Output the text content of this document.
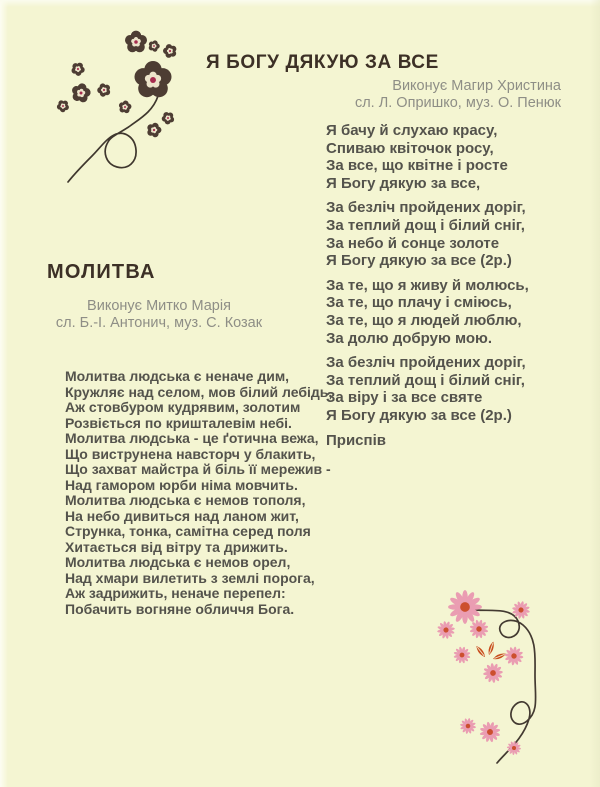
Я БОГУ ДЯКУЮ ЗА ВСЕ
Виконує Магир Христина
сл. Л. Опришко, муз. О. Пенюк
Я бачу й слухаю красу,
Спиваю квіточок росу,
За все, що квітне і росте
Я Богу дякую за все,
За безліч пройдених доріг,
За теплий дощ і білий сніг,
За небо й сонце золоте
Я Богу дякую за все (2р.)
За те, що я живу й молюсь,
За те, що плачу і сміюсь,
За те, що я людей люблю,
За долю добрую мою.
За безліч пройдених доріг,
За теплий дощ і білий сніг,
За віру і за все святе
Я Богу дякую за все (2р.)
Приспів
МОЛИТВА
Виконує Митко Марія
сл. Б.-І. Антонич, муз. С. Козак
Молитва людська є неначе дим,
Кружляє над селом, мов білий лебідь,
Аж стовбуром кудрявим, золотим
Розвіється по кришталевім небі.
Молитва людська - це ґотична вежа,
Що виструнена навсторч у блакить,
Що захват майстра й біль її мережив -
Над гамором юрби німа мовчить.
Молитва людська є немов тополя,
На небо дивиться над ланом жит,
Струнка, тонка, самітна серед поля
Хитається від вітру та дрижить.
Молитва людська є немов орел,
Над хмари вилетить з землі порога,
Аж задрижить, неначе перепел:
Побачить вогняне обличчя Бога.
